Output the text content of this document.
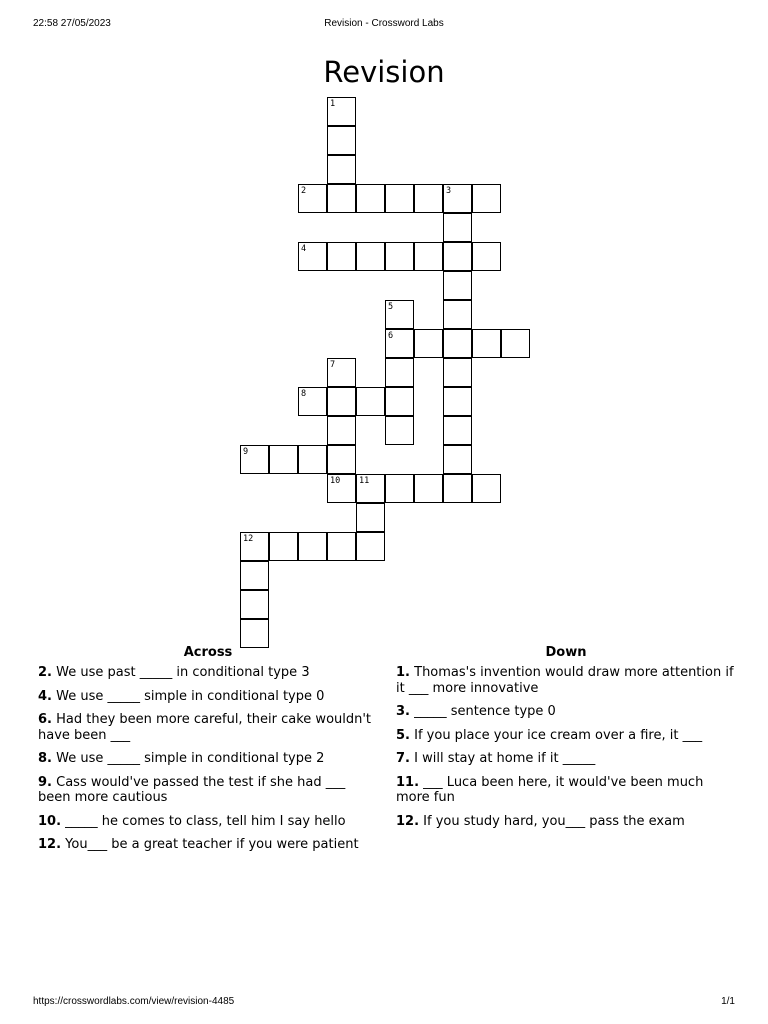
22:58 27/05/2023	Revision - Crossword Labs
Revision
1
2	3
4
5
6
7
8
9
10 11
12
Across
2. We use past _____ in conditional type 3
4. We use _____ simple in conditional type 0
6. Had they been more careful, their cake wouldn't have been ___
8. We use _____ simple in conditional type 2
9. Cass would've passed the test if she had ___ been more cautious
10. _____ he comes to class, tell him I say hello
12. You___ be a great teacher if you were patient
Down
1. Thomas's invention would draw more attention if it ___ more innovative
3. _____ sentence type 0
5. If you place your ice cream over a fire, it ___
7. I will stay at home if it _____
11. ___ Luca been here, it would've been much more fun
12. If you study hard, you___ pass the exam
https://crosswordlabs.com/view/revision-4485	1/1
